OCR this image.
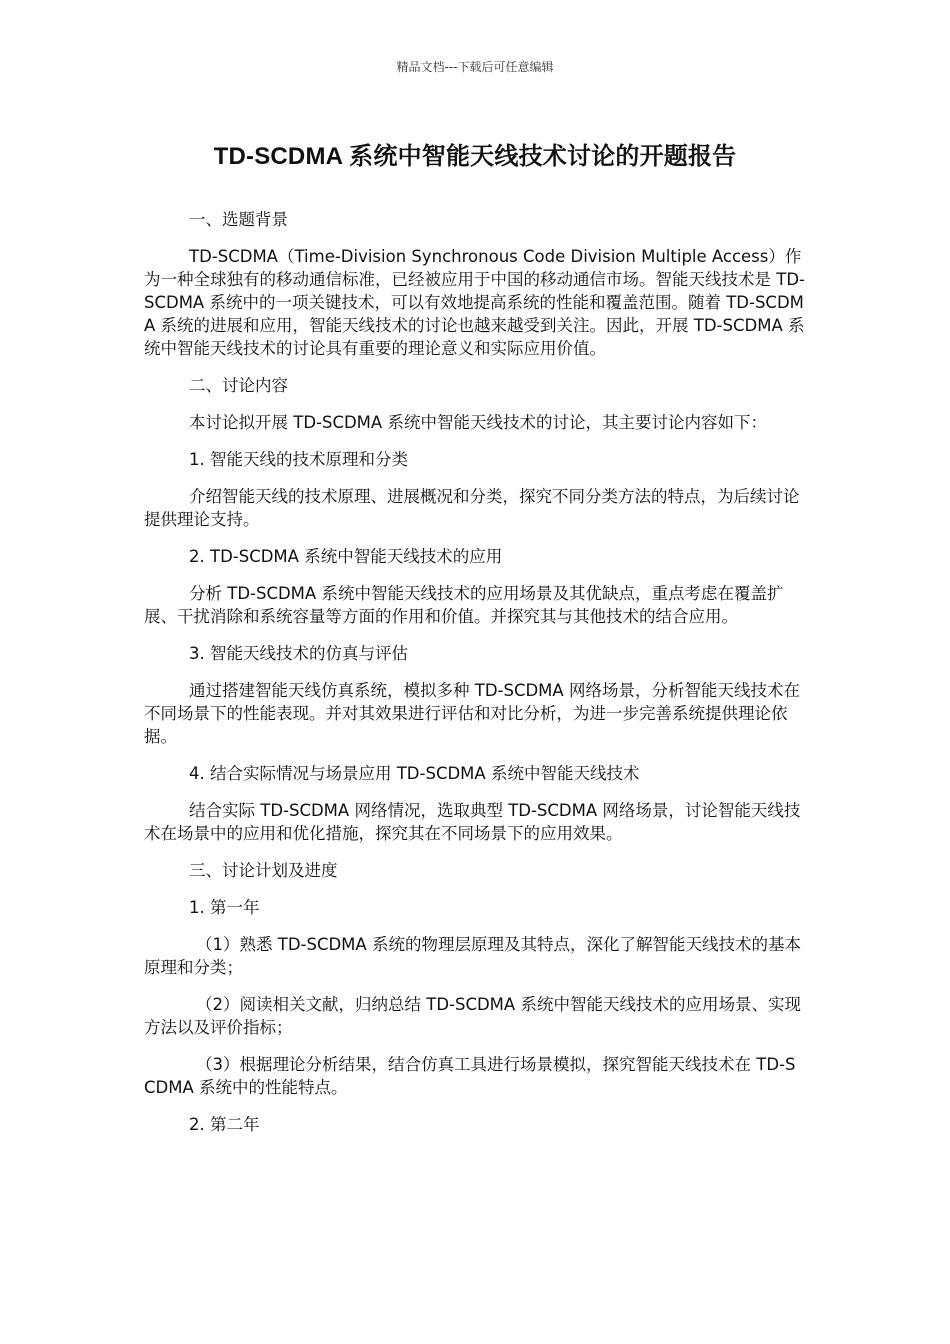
精品文档---下载后可任意编辑
TD-SCDMA 系统中智能天线技术讨论的开题报告

一、选题背景

TD-SCDMA（Time-Division Synchronous Code Division Multiple Access）作为一种全球独有的移动通信标准，已经被应用于中国的移动通信市场。智能天线技术是 TD-SCDMA 系统中的一项关键技术，可以有效地提高系统的性能和覆盖范围。随着 TD-SCDMA 系统的进展和应用，智能天线技术的讨论也越来越受到关注。因此，开展 TD-SCDMA 系统中智能天线技术的讨论具有重要的理论意义和实际应用价值。

二、讨论内容

本讨论拟开展 TD-SCDMA 系统中智能天线技术的讨论，其主要讨论内容如下：

1. 智能天线的技术原理和分类

介绍智能天线的技术原理、进展概况和分类，探究不同分类方法的特点，为后续讨论提供理论支持。

2. TD-SCDMA 系统中智能天线技术的应用

分析 TD-SCDMA 系统中智能天线技术的应用场景及其优缺点，重点考虑在覆盖扩展、干扰消除和系统容量等方面的作用和价值。并探究其与其他技术的结合应用。

3. 智能天线技术的仿真与评估

通过搭建智能天线仿真系统，模拟多种 TD-SCDMA 网络场景，分析智能天线技术在不同场景下的性能表现。并对其效果进行评估和对比分析，为进一步完善系统提供理论依据。

4. 结合实际情况与场景应用 TD-SCDMA 系统中智能天线技术

结合实际 TD-SCDMA 网络情况，选取典型 TD-SCDMA 网络场景，讨论智能天线技术在场景中的应用和优化措施，探究其在不同场景下的应用效果。

三、讨论计划及进度

1. 第一年

（1）熟悉 TD-SCDMA 系统的物理层原理及其特点，深化了解智能天线技术的基本原理和分类；

（2）阅读相关文献，归纳总结 TD-SCDMA 系统中智能天线技术的应用场景、实现方法以及评价指标；

（3）根据理论分析结果，结合仿真工具进行场景模拟，探究智能天线技术在 TD-SCDMA 系统中的性能特点。

2. 第二年
